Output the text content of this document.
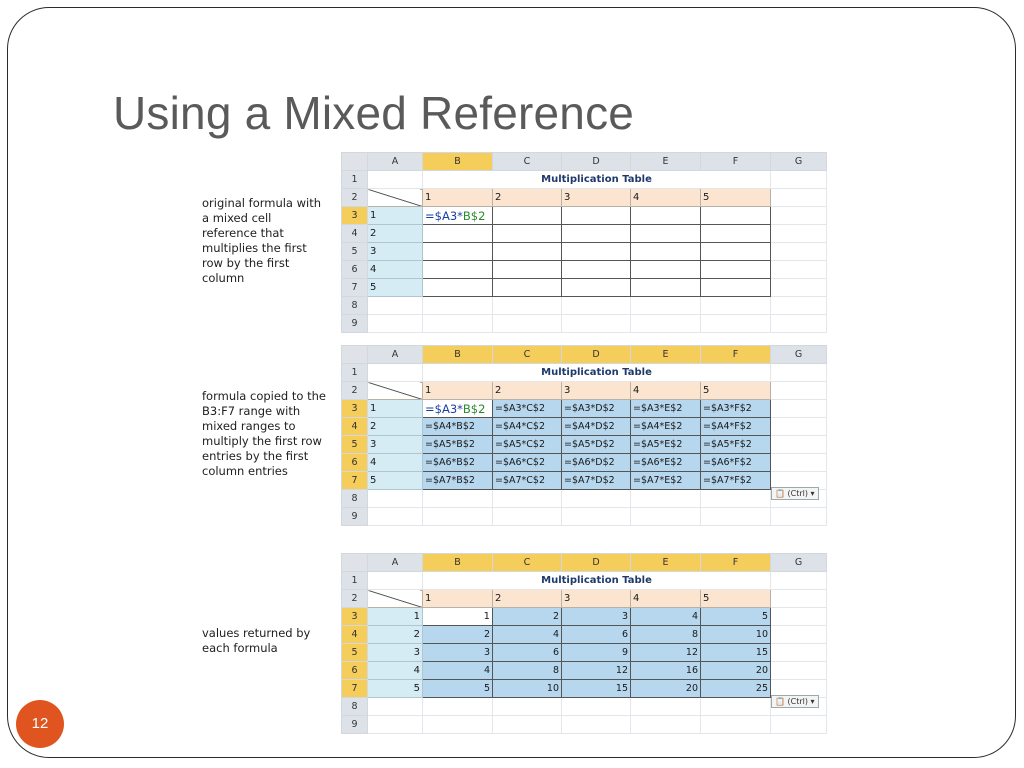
Using a Mixed Reference
original formula with a mixed cell reference that multiplies the first row by the first column
formula copied to the B3:F7 range with mixed ranges to multiply the first row entries by the first column entries
values returned by each formula
	A	B	C	D	E	F	G
1		Multiplication Table					
2		1	2	3	4	5	
3	1	=$A3*B$2					
4	2						
5	3						
6	4						
7	5						
8							
9							
	A	B	C	D	E	F	G
1		Multiplication Table					
2		1	2	3	4	5	
3	1	=$A3*B$2	=$A3*C$2	=$A3*D$2	=$A3*E$2	=$A3*F$2	
4	2	=$A4*B$2	=$A4*C$2	=$A4*D$2	=$A4*E$2	=$A4*F$2	
5	3	=$A5*B$2	=$A5*C$2	=$A5*D$2	=$A5*E$2	=$A5*F$2	
6	4	=$A6*B$2	=$A6*C$2	=$A6*D$2	=$A6*E$2	=$A6*F$2	
7	5	=$A7*B$2	=$A7*C$2	=$A7*D$2	=$A7*E$2	=$A7*F$2	
8							
9							
📋 (Ctrl) ▾
	A	B	C	D	E	F	G
1		Multiplication Table					
2		1	2	3	4	5	
3	1	1	2	3	4	5	
4	2	2	4	6	8	10	
5	3	3	6	9	12	15	
6	4	4	8	12	16	20	
7	5	5	10	15	20	25	
8							
9							
📋 (Ctrl) ▾
12
